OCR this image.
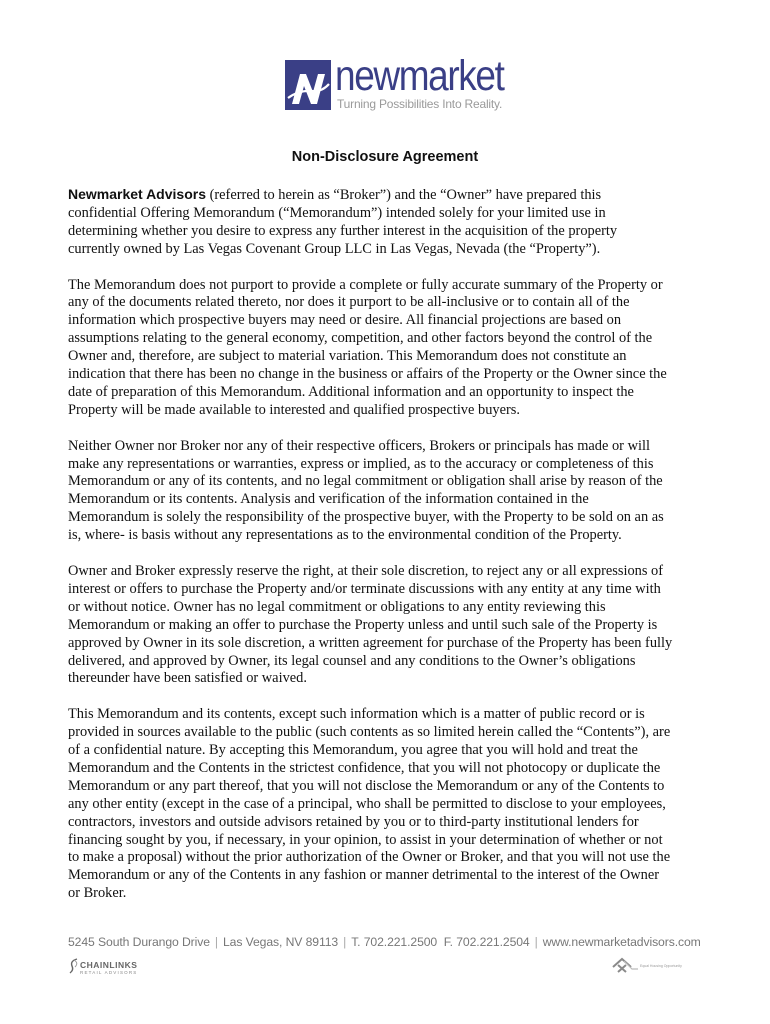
newmarket
Turning Possibilities Into Reality.
Non-Disclosure Agreement

Newmarket Advisors (referred to herein as “Broker”) and the “Owner” have prepared this
confidential Offering Memorandum (“Memorandum”) intended solely for your limited use in
determining whether you desire to express any further interest in the acquisition of the property
currently owned by Las Vegas Covenant Group LLC in Las Vegas, Nevada (the “Property”).

The Memorandum does not purport to provide a complete or fully accurate summary of the Property or
any of the documents related thereto, nor does it purport to be all-inclusive or to contain all of the
information which prospective buyers may need or desire. All financial projections are based on
assumptions relating to the general economy, competition, and other factors beyond the control of the
Owner and, therefore, are subject to material variation. This Memorandum does not constitute an
indication that there has been no change in the business or affairs of the Property or the Owner since the
date of preparation of this Memorandum. Additional information and an opportunity to inspect the
Property will be made available to interested and qualified prospective buyers.

Neither Owner nor Broker nor any of their respective officers, Brokers or principals has made or will
make any representations or warranties, express or implied, as to the accuracy or completeness of this
Memorandum or any of its contents, and no legal commitment or obligation shall arise by reason of the
Memorandum or its contents. Analysis and verification of the information contained in the
Memorandum is solely the responsibility of the prospective buyer, with the Property to be sold on an as
is, where- is basis without any representations as to the environmental condition of the Property.

Owner and Broker expressly reserve the right, at their sole discretion, to reject any or all expressions of
interest or offers to purchase the Property and/or terminate discussions with any entity at any time with
or without notice. Owner has no legal commitment or obligations to any entity reviewing this
Memorandum or making an offer to purchase the Property unless and until such sale of the Property is
approved by Owner in its sole discretion, a written agreement for purchase of the Property has been fully
delivered, and approved by Owner, its legal counsel and any conditions to the Owner’s obligations
thereunder have been satisfied or waived.

This Memorandum and its contents, except such information which is a matter of public record or is
provided in sources available to the public (such contents as so limited herein called the “Contents”), are
of a confidential nature. By accepting this Memorandum, you agree that you will hold and treat the
Memorandum and the Contents in the strictest confidence, that you will not photocopy or duplicate the
Memorandum or any part thereof, that you will not disclose the Memorandum or any of the Contents to
any other entity (except in the case of a principal, who shall be permitted to disclose to your employees,
contractors, investors and outside advisors retained by you or to third-party institutional lenders for
financing sought by you, if necessary, in your opinion, to assist in your determination of whether or not
to make a proposal) without the prior authorization of the Owner or Broker, and that you will not use the
Memorandum or any of the Contents in any fashion or manner detrimental to the interest of the Owner
or Broker.

5245 South Durango Drive | Las Vegas, NV 89113 | T. 702.221.2500 F. 702.221.2504 | www.newmarketadvisors.com
CHAINLINKS
RETAIL ADVISORS
Equal Housing Opportunity
